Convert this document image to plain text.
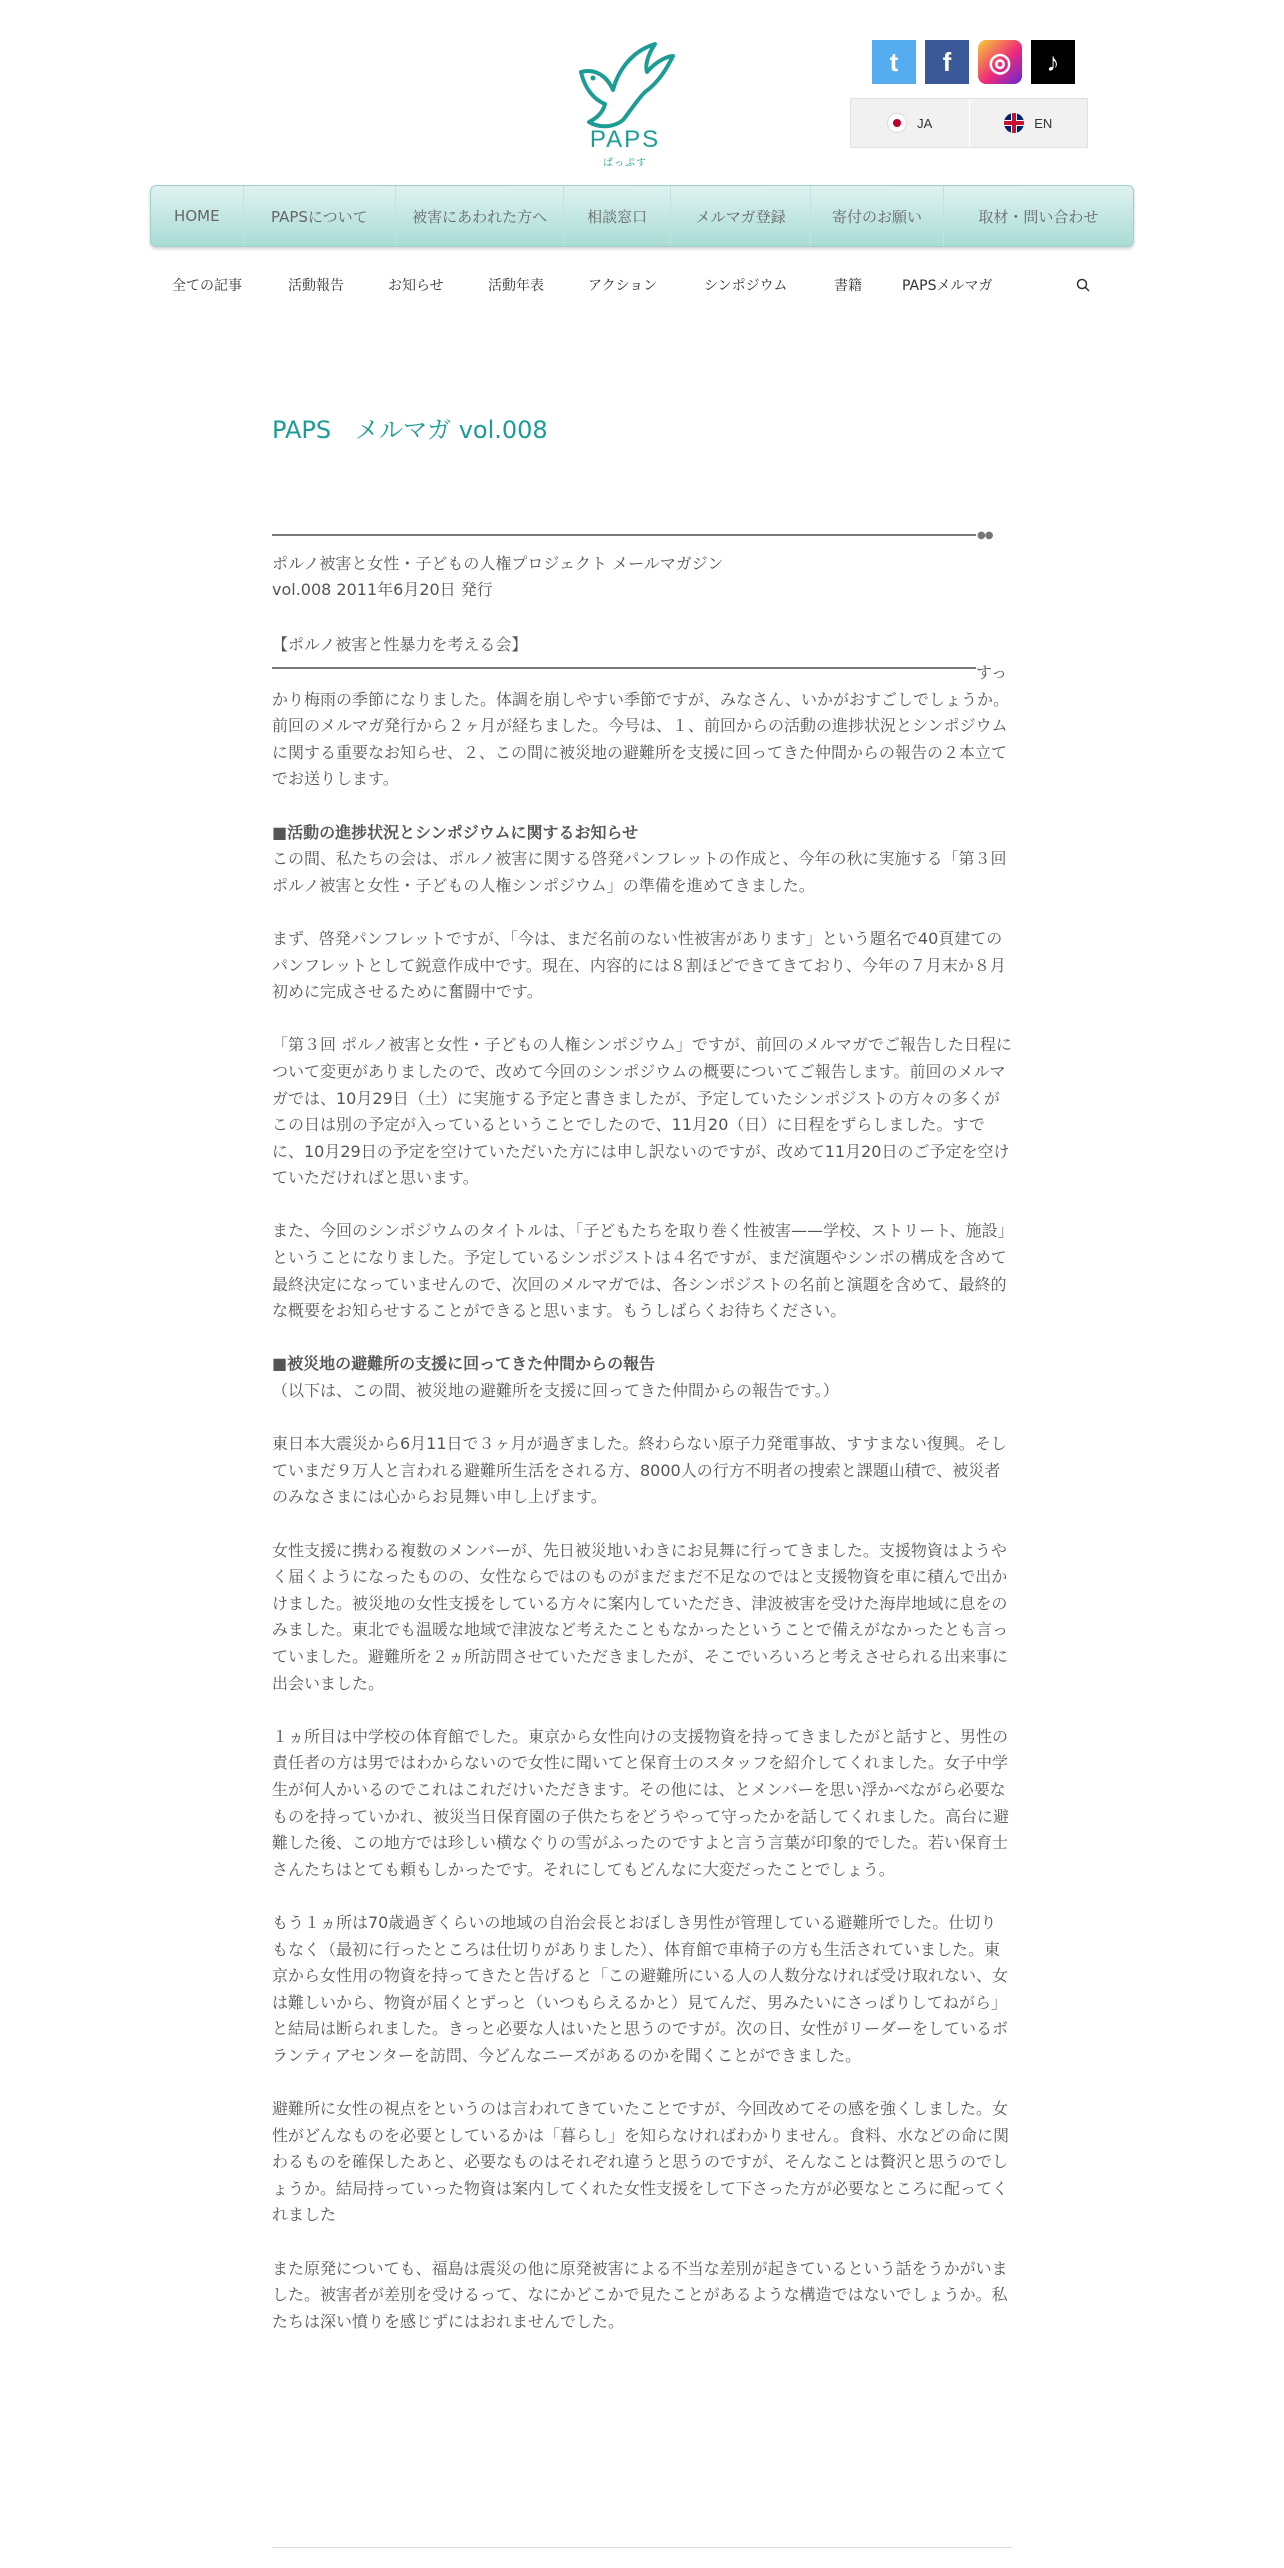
PAPS
ぱっぷす
t f ◎ ♪
JA	EN
HOME	PAPSについて	被害にあわれた方へ	相談窓口	メルマガ登録	寄付のお願い	取材・問い合わせ
全ての記事	活動報告	お知らせ	活動年表	アクション	シンポジウム	書籍	PAPSメルマガ
PAPS　メルマガ vol.008
●●
ポルノ被害と女性・子どもの人権プロジェクト メールマガジン
vol.008 2011年6月20日 発行
【ポルノ被害と性暴力を考える会】

すっかり梅雨の季節になりました。体調を崩しやすい季節ですが、みなさん、いかがおすごしでしょうか。 前回のメルマガ発行から２ヶ月が経ちました。今号は、１、前回からの活動の進捗状況とシンポジウムに関する重要なお知らせ、２、この間に被災地の避難所を支援に回ってきた仲間からの報告の２本立てでお送りします。

■活動の進捗状況とシンポジウムに関するお知らせ

この間、私たちの会は、ポルノ被害に関する啓発パンフレットの作成と、今年の秋に実施する「第３回 ポルノ被害と女性・子どもの人権シンポジウム」の準備を進めてきました。

まず、啓発パンフレットですが、「今は、まだ名前のない性被害があります」という題名で40頁建てのパンフレットとして鋭意作成中です。現在、内容的には８割ほどできてきており、今年の７月末か８月初めに完成させるために奮闘中です。

「第３回 ポルノ被害と女性・子どもの人権シンポジウム」ですが、前回のメルマガでご報告した日程について変更がありましたので、改めて今回のシンポジウムの概要についてご報告します。前回のメルマガでは、10月29日（土）に実施する予定と書きましたが、予定していたシンポジストの方々の多くがこの日は別の予定が入っているということでしたので、11月20（日）に日程をずらしました。すでに、10月29日の予定を空けていただいた方には申し訳ないのですが、改めて11月20日のご予定を空けていただければと思います。

また、今回のシンポジウムのタイトルは、「子どもたちを取り巻く性被害——学校、ストリート、施設」ということになりました。予定しているシンポジストは４名ですが、まだ演題やシンポの構成を含めて最終決定になっていませんので、次回のメルマガでは、各シンポジストの名前と演題を含めて、最終的な概要をお知らせすることができると思います。もうしばらくお待ちください。

■被災地の避難所の支援に回ってきた仲間からの報告

（以下は、この間、被災地の避難所を支援に回ってきた仲間からの報告です。）

東日本大震災から6月11日で３ヶ月が過ぎました。終わらない原子力発電事故、すすまない復興。そしていまだ９万人と言われる避難所生活をされる方、8000人の行方不明者の捜索と課題山積で、被災者のみなさまには心からお見舞い申し上げます。

女性支援に携わる複数のメンバーが、先日被災地いわきにお見舞に行ってきました。支援物資はようやく届くようになったものの、女性ならではのものがまだまだ不足なのではと支援物資を車に積んで出かけました。被災地の女性支援をしている方々に案内していただき、津波被害を受けた海岸地域に息をのみました。東北でも温暖な地域で津波など考えたこともなかったということで備えがなかったとも言っていました。避難所を２ヵ所訪問させていただきましたが、そこでいろいろと考えさせられる出来事に出会いました。

１ヵ所目は中学校の体育館でした。東京から女性向けの支援物資を持ってきましたがと話すと、男性の責任者の方は男ではわからないので女性に聞いてと保育士のスタッフを紹介してくれました。女子中学生が何人かいるのでこれはこれだけいただきます。その他には、とメンバーを思い浮かべながら必要なものを持っていかれ、被災当日保育園の子供たちをどうやって守ったかを話してくれました。高台に避難した後、この地方では珍しい横なぐりの雪がふったのですよと言う言葉が印象的でした。若い保育士さんたちはとても頼もしかったです。それにしてもどんなに大変だったことでしょう。

もう１ヵ所は70歳過ぎくらいの地域の自治会長とおぼしき男性が管理している避難所でした。仕切りもなく（最初に行ったところは仕切りがありました）、体育館で車椅子の方も生活されていました。東京から女性用の物資を持ってきたと告げると「この避難所にいる人の人数分なければ受け取れない、女は難しいから、物資が届くとずっと（いつもらえるかと）見てんだ、男みたいにさっぱりしてねがら」と結局は断られました。きっと必要な人はいたと思うのですが。次の日、女性がリーダーをしているボランティアセンターを訪問、今どんなニーズがあるのかを聞くことができました。

避難所に女性の視点をというのは言われてきていたことですが、今回改めてその感を強くしました。女性がどんなものを必要としているかは「暮らし」を知らなければわかりません。食料、水などの命に関わるものを確保したあと、必要なものはそれぞれ違うと思うのですが、そんなことは贅沢と思うのでしょうか。結局持っていった物資は案内してくれた女性支援をして下さった方が必要なところに配ってくれました

また原発についても、福島は震災の他に原発被害による不当な差別が起きているという話をうかがいました。被害者が差別を受けるって、なにかどこかで見たことがあるような構造ではないでしょうか。私たちは深い憤りを感じずにはおれませんでした。
